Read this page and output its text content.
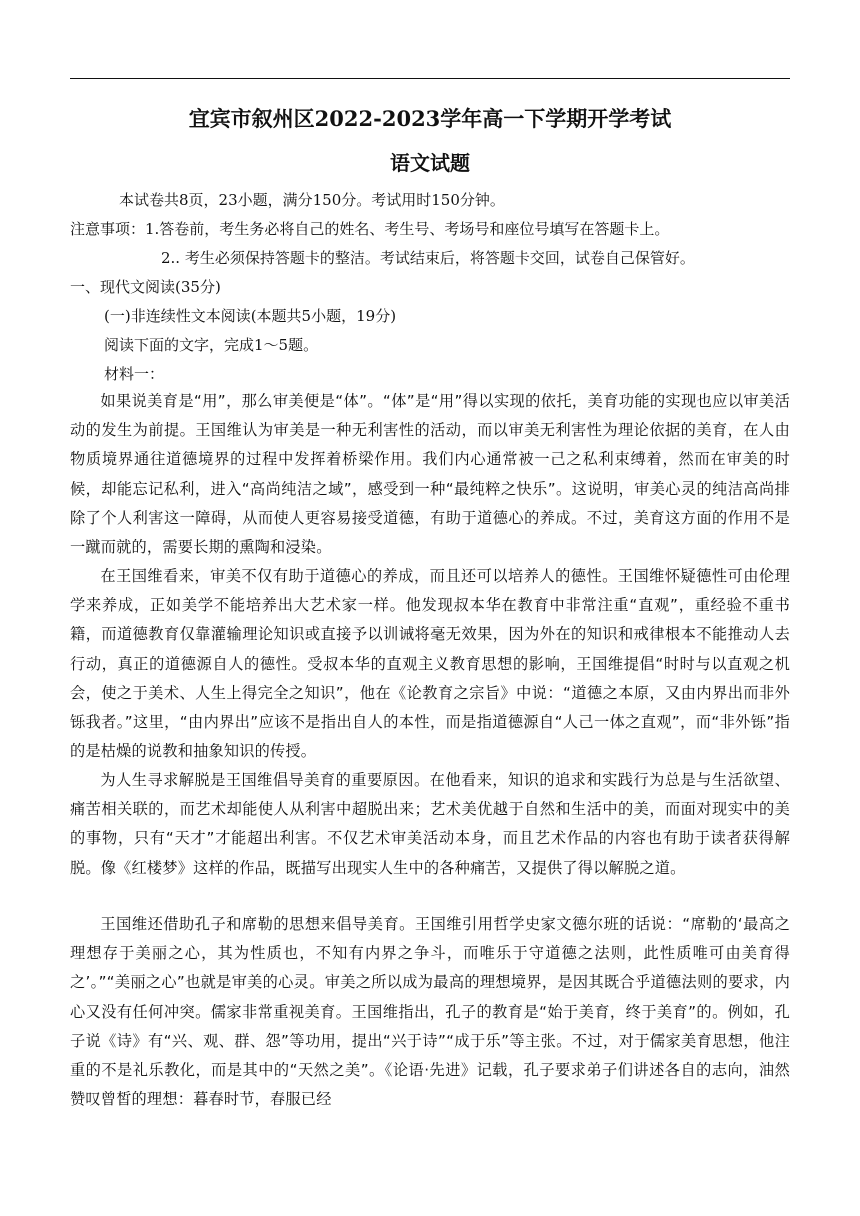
宜宾市叙州区2022-2023学年高一下学期开学考试
语文试题
本试卷共8页，23小题，满分150分。考试用时150分钟。
注意事项：1.答卷前，考生务必将自己的姓名、考生号、考场号和座位号填写在答题卡上。
2.. 考生必须保持答题卡的整洁。考试结束后，将答题卡交回，试卷自己保管好。
一、现代文阅读(35分)
(一)非连续性文本阅读(本题共5小题，19分)
阅读下面的文字，完成1～5题。
材料一：
如果说美育是“用”，那么审美便是“体”。“体”是“用”得以实现的依托，美育功能的实现也应以审美活动的发生为前提。王国维认为审美是一种无利害性的活动，而以审美无利害性为理论依据的美育，在人由物质境界通往道德境界的过程中发挥着桥梁作用。我们内心通常被一己之私利束缚着，然而在审美的时候，却能忘记私利，进入“高尚纯洁之域”，感受到一种“最纯粹之快乐”。这说明，审美心灵的纯洁高尚排除了个人利害这一障碍，从而使人更容易接受道德，有助于道德心的养成。不过，美育这方面的作用不是一蹴而就的，需要长期的熏陶和浸染。
在王国维看来，审美不仅有助于道德心的养成，而且还可以培养人的德性。王国维怀疑德性可由伦理学来养成，正如美学不能培养出大艺术家一样。他发现叔本华在教育中非常注重“直观”，重经验不重书籍，而道德教育仅靠灌输理论知识或直接予以训诫将毫无效果，因为外在的知识和戒律根本不能推动人去行动，真正的道德源自人的德性。受叔本华的直观主义教育思想的影响，王国维提倡“时时与以直观之机会，使之于美术、人生上得完全之知识”，他在《论教育之宗旨》中说：“道德之本原，又由内界出而非外铄我者。”这里，“由内界出”应该不是指出自人的本性，而是指道德源自“人己一体之直观”，而“非外铄”指的是枯燥的说教和抽象知识的传授。
为人生寻求解脱是王国维倡导美育的重要原因。在他看来，知识的追求和实践行为总是与生活欲望、痛苦相关联的，而艺术却能使人从利害中超脱出来；艺术美优越于自然和生活中的美，而面对现实中的美的事物，只有“天才”才能超出利害。不仅艺术审美活动本身，而且艺术作品的内容也有助于读者获得解脱。像《红楼梦》这样的作品，既描写出现实人生中的各种痛苦，又提供了得以解脱之道。
王国维还借助孔子和席勒的思想来倡导美育。王国维引用哲学史家文德尔班的话说：“席勒的‘最高之理想存于美丽之心，其为性质也，不知有内界之争斗，而唯乐于守道德之法则，此性质唯可由美育得之’。”“美丽之心”也就是审美的心灵。审美之所以成为最高的理想境界，是因其既合乎道德法则的要求，内心又没有任何冲突。儒家非常重视美育。王国维指出，孔子的教育是“始于美育，终于美育”的。例如，孔子说《诗》有“兴、观、群、怨”等功用，提出“兴于诗”“成于乐”等主张。不过，对于儒家美育思想，他注重的不是礼乐教化，而是其中的“天然之美”。《论语·先进》记载，孔子要求弟子们讲述各自的志向，油然赞叹曾皙的理想：暮春时节，春服已经
